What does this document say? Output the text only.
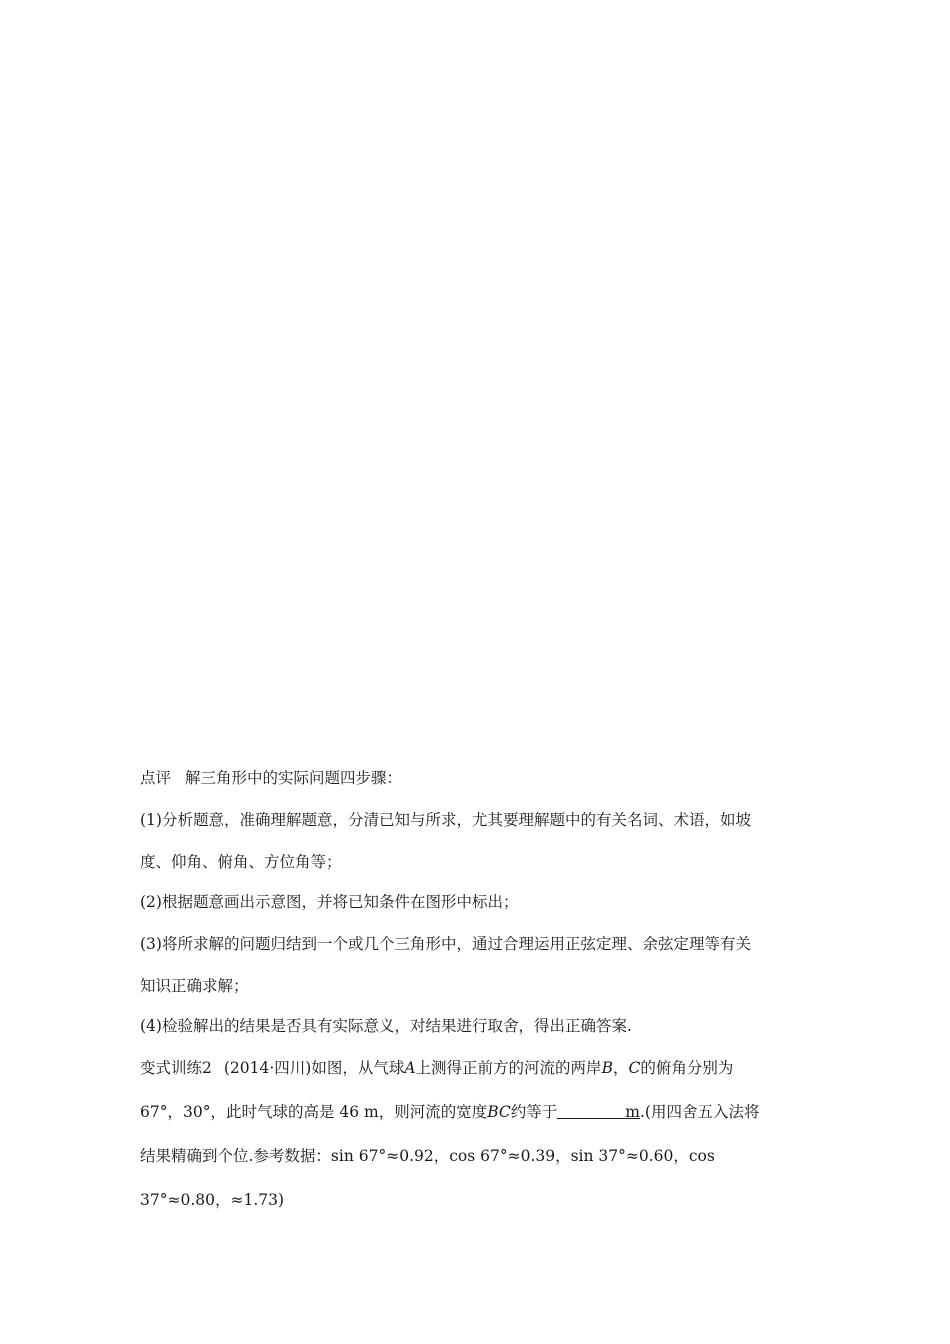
点评 解三角形中的实际问题四步骤：

(1)分析题意，准确理解题意，分清已知与所求，尤其要理解题中的有关名词、术语，如坡

度、仰角、俯角、方位角等；

(2)根据题意画出示意图，并将已知条件在图形中标出；

(3)将所求解的问题归结到一个或几个三角形中，通过合理运用正弦定理、余弦定理等有关

知识正确求解；

(4)检验解出的结果是否具有实际意义，对结果进行取舍，得出正确答案.

变式训练2 (2014·四川)如图，从气球A上测得正前方的河流的两岸B，C的俯角分别为

67°，30°，此时气球的高是 46 m，则河流的宽度BC约等于	m.(用四舍五入法将

结果精确到个位.参考数据：sin 67°≈0.92，cos 67°≈0.39，sin 37°≈0.60，cos

37°≈0.80，≈1.73)
